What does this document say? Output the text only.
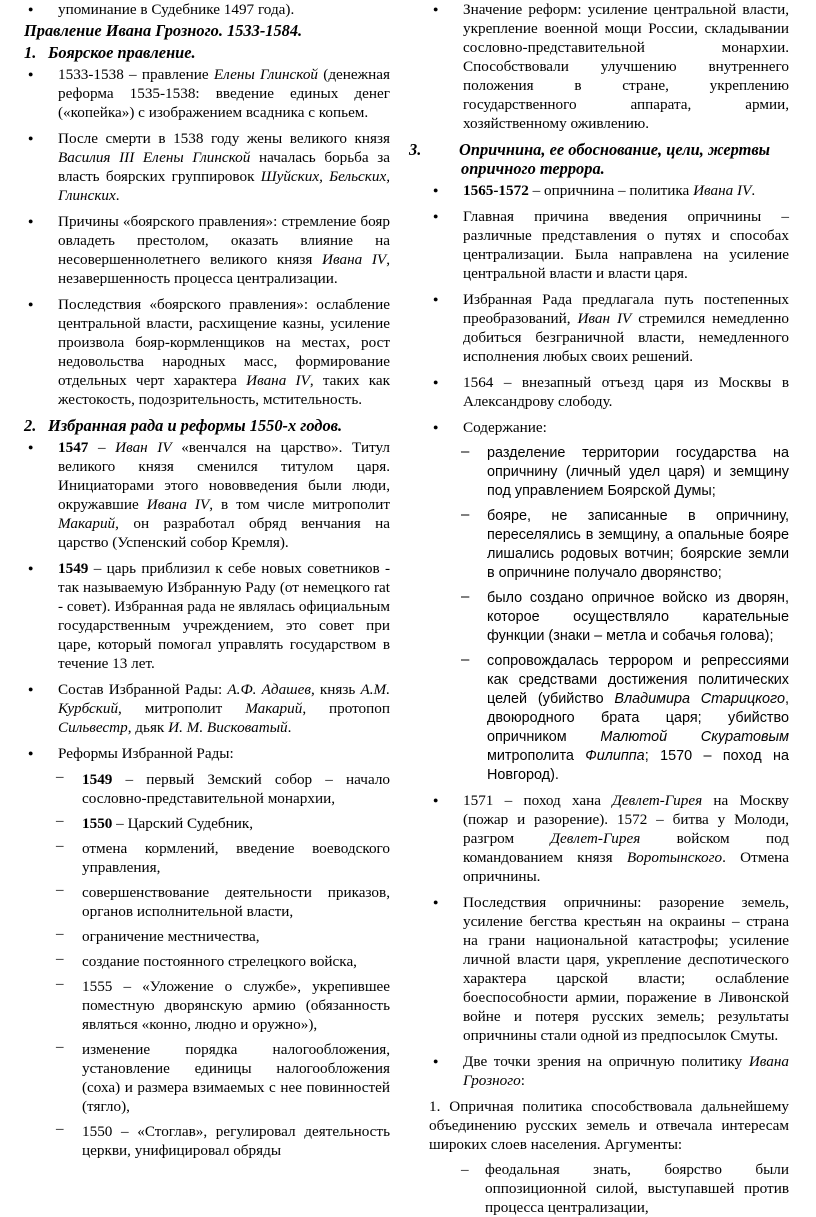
● упоминание в Судебнике 1497 года).
Правление Ивана Грозного. 1533-1584.
1. Боярское правление.
● 1533-1538 – правление Елены Глинской (денежная реформа 1535-1538: введение единых денег («копейка») с изображением всадника с копьем.
● После смерти в 1538 году жены великого князя Василия III Елены Глинской началась борьба за власть боярских группировок Шуйских, Бельских, Глинских.
● Причины «боярского правления»: стремление бояр овладеть престолом, оказать влияние на несовершеннолетнего великого князя Ивана IV, незавершенность процесса централизации.
● Последствия «боярского правления»: ослабление центральной власти, расхищение казны, усиление произвола бояр-кормленщиков на местах, рост недовольства народных масс, формирование отдельных черт характера Ивана IV, таких как жестокость, подозрительность, мстительность.
2. Избранная рада и реформы 1550-х годов.
● 1547 – Иван IV «венчался на царство». Титул великого князя сменился титулом царя. Инициаторами этого нововведения были люди, окружавшие Ивана IV, в том числе митрополит Макарий, он разработал обряд венчания на царство (Успенский собор Кремля).
● 1549 – царь приблизил к себе новых советников - так называемую Избранную Раду (от немецкого rat - совет). Избранная рада не являлась официальным государственным учреждением, это совет при царе, который помогал управлять государством в течение 13 лет.
● Состав Избранной Рады: А.Ф. Адашев, князь А.М. Курбский, митрополит Макарий, протопоп Сильвестр, дьяк И. М. Висковатый.
● Реформы Избранной Рады:
– 1549 – первый Земский собор – начало сословно-представительной монархии,
– 1550 – Царский Судебник,
– отмена кормлений, введение воеводского управления,
– совершенствование деятельности приказов, органов исполнительной власти,
– ограничение местничества,
– создание постоянного стрелецкого войска,
– 1555 – «Уложение о службе», укрепившее поместную дворянскую армию (обязанность являться «конно, людно и оружно»),
– изменение порядка налогообложения, установление единицы налогообложения (соха) и размера взимаемых с нее повинностей (тягло),
– 1550 – «Стоглав», регулировал деятельность церкви, унифицировал обряды
● Значение реформ: усиление центральной власти, укрепление военной мощи России, складывании сословно-представительной монархии. Способствовали улучшению внутреннего положения в стране, укреплению государственного аппарата, армии, хозяйственному оживлению.
3. Опричнина, ее обоснование, цели, жертвы опричного террора.
● 1565-1572 – опричнина – политика Ивана IV.
● Главная причина введения опричнины – различные представления о путях и способах централизации. Была направлена на усиление центральной власти и власти царя.
● Избранная Рада предлагала путь постепенных преобразований, Иван IV стремился немедленно добиться безграничной власти, немедленного исполнения любых своих решений.
● 1564 – внезапный отъезд царя из Москвы в Александрову слободу.
● Содержание:
– разделение территории государства на опричнину (личный удел царя) и земщину под управлением Боярской Думы;
– бояре, не записанные в опричнину, переселялись в земщину, а опальные бояре лишались родовых вотчин; боярские земли в опричнине получало дворянство;
– было создано опричное войско из дворян, которое осуществляло карательные функции (знаки – метла и собачья голова);
– сопровождалась террором и репрессиями как средствами достижения политических целей (убийство Владимира Старицкого, двоюродного брата царя; убийство опричником Малютой Скуратовым митрополита Филиппа; 1570 – поход на Новгород).
● 1571 – поход хана Девлет-Гирея на Москву (пожар и разорение). 1572 – битва у Молоди, разгром Девлет-Гирея войском под командованием князя Воротынского. Отмена опричнины.
● Последствия опричнины: разорение земель, усиление бегства крестьян на окраины – страна на грани национальной катастрофы; усиление личной власти царя, укрепление деспотического характера царской власти; ослабление боеспособности армии, поражение в Ливонской войне и потеря русских земель; результаты опричнины стали одной из предпосылок Смуты.
● Две точки зрения на опричную политику Ивана Грозного:
1. Опричная политика способствовала дальнейшему объединению русских земель и отвечала интересам широких слоев населения. Аргументы:
– феодальная знать, боярство были оппозиционной силой, выступавшей против процесса централизации,
